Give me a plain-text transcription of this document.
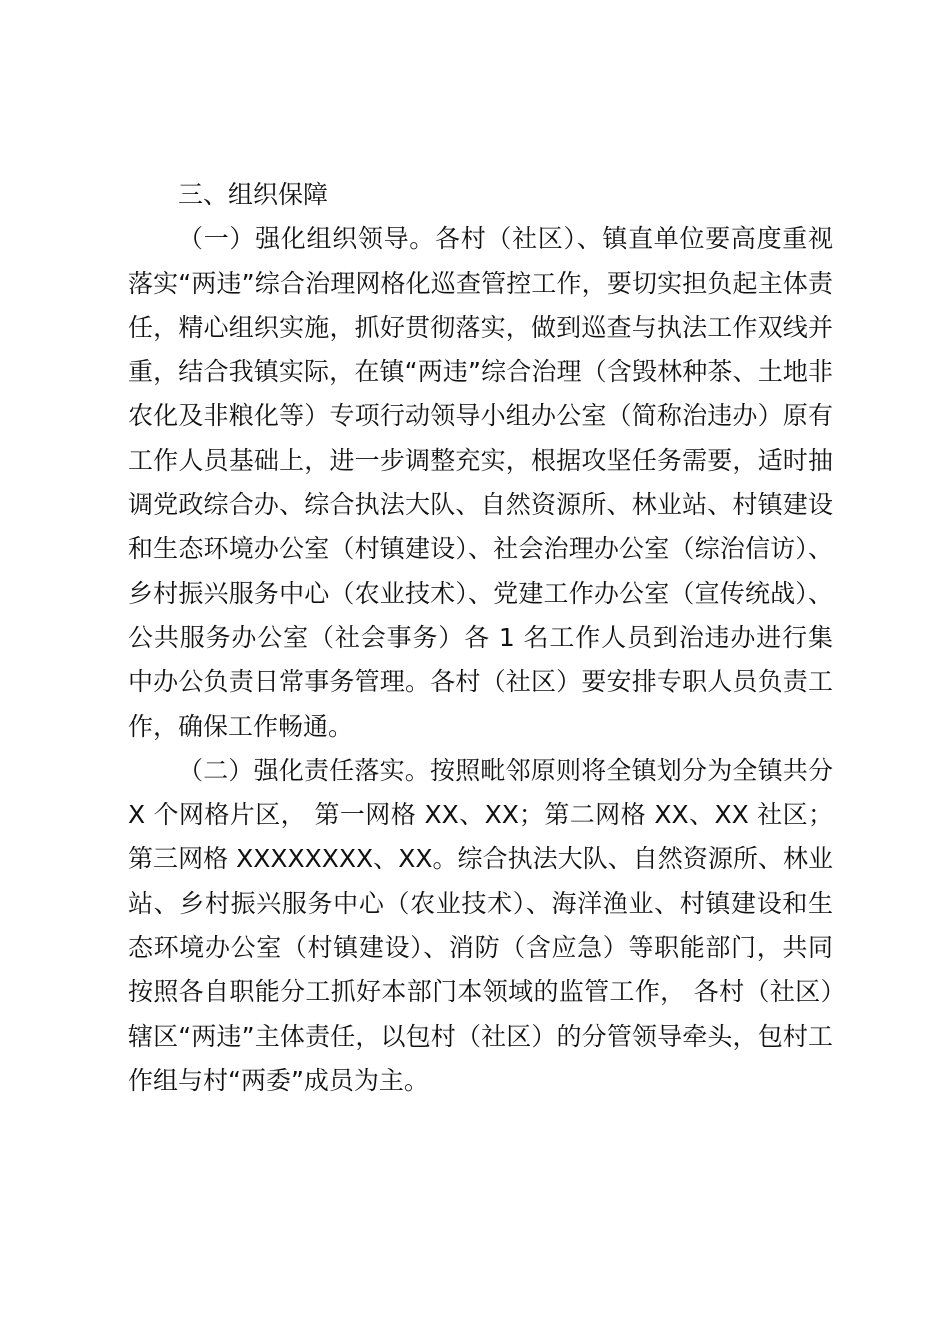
三、组织保障

（一）强化组织领导。各村（社区）、镇直单位要高度重视落实“两违”综合治理网格化巡查管控工作，要切实担负起主体责任，精心组织实施，抓好贯彻落实，做到巡查与执法工作双线并重，结合我镇实际，在镇“两违”综合治理（含毁林种茶、土地非农化及非粮化等）专项行动领导小组办公室（简称治违办）原有工作人员基础上，进一步调整充实，根据攻坚任务需要，适时抽调党政综合办、综合执法大队、自然资源所、林业站、村镇建设和生态环境办公室（村镇建设）、社会治理办公室（综治信访）、乡村振兴服务中心（农业技术）、党建工作办公室（宣传统战）、公共服务办公室（社会事务）各 1 名工作人员到治违办进行集中办公负责日常事务管理。各村（社区）要安排专职人员负责工作，确保工作畅通。

（二）强化责任落实。按照毗邻原则将全镇划分为全镇共分 X 个网格片区， 第一网格 XX、XX；第二网格 XX、XX 社区；第三网格 XXXXXXXX、XX。综合执法大队、自然资源所、林业站、乡村振兴服务中心（农业技术）、海洋渔业、村镇建设和生态环境办公室（村镇建设）、消防（含应急）等职能部门，共同按照各自职能分工抓好本部门本领域的监管工作， 各村（社区）辖区“两违”主体责任，以包村（社区）的分管领导牵头，包村工作组与村“两委”成员为主。
